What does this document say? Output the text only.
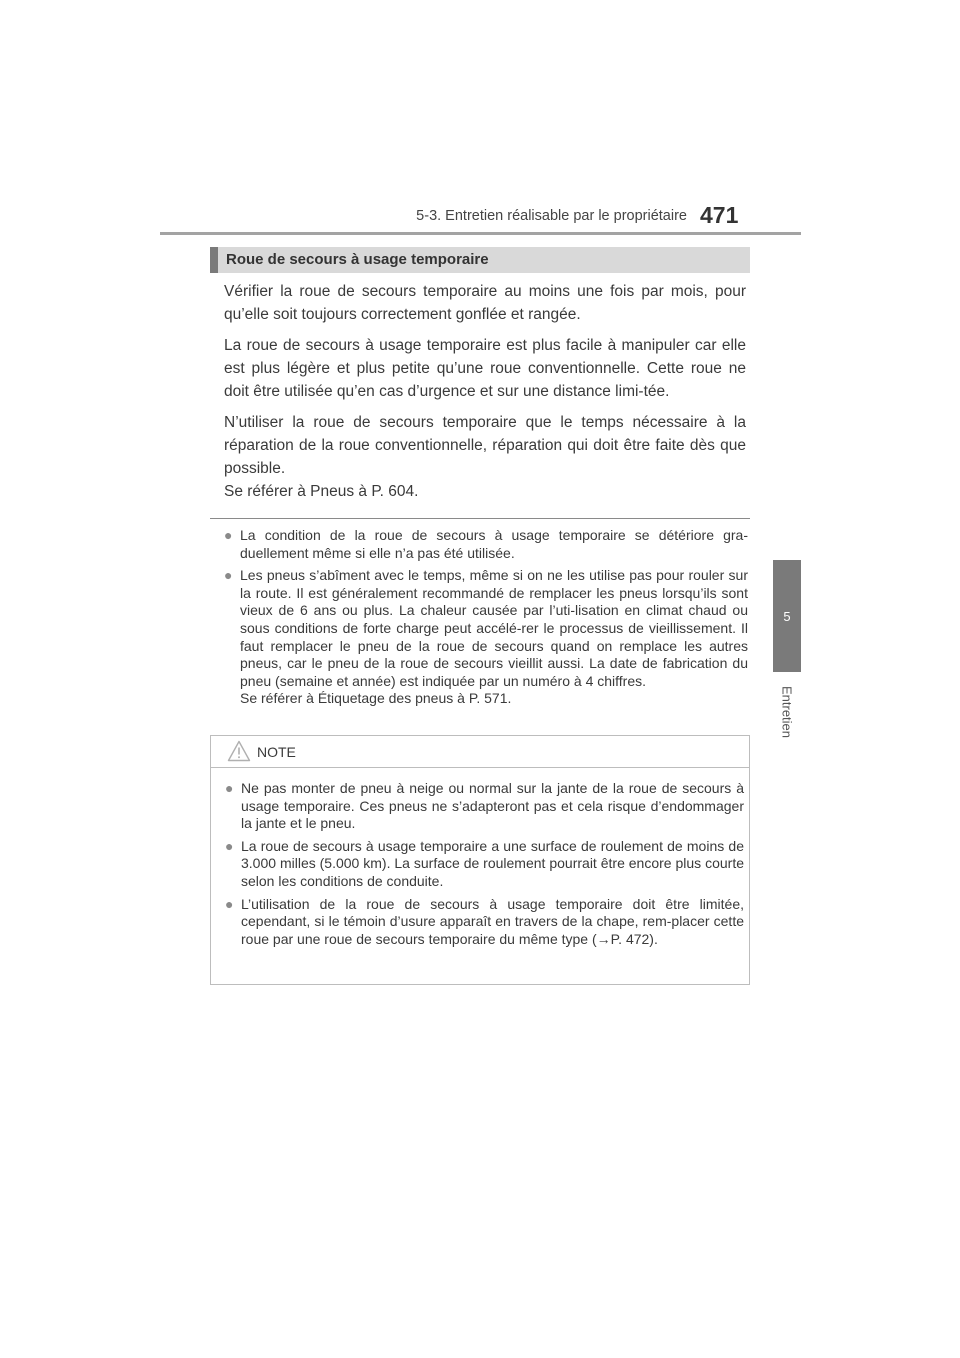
5-3. Entretien réalisable par le propriétaire 471
5
Entretien
Roue de secours à usage temporaire

Vérifier la roue de secours temporaire au moins une fois par mois, pour qu’elle soit toujours correctement gonflée et rangée.

La roue de secours à usage temporaire est plus facile à manipuler car elle est plus légère et plus petite qu’une roue conventionnelle. Cette roue ne doit être utilisée qu’en cas d’urgence et sur une distance limi-tée.

N’utiliser la roue de secours temporaire que le temps nécessaire à la réparation de la roue conventionnelle, réparation qui doit être faite dès que possible.

Se référer à Pneus à P. 604.

● La condition de la roue de secours à usage temporaire se détériore gra-duellement même si elle n’a pas été utilisée.
● Les pneus s’abîment avec le temps, même si on ne les utilise pas pour rouler sur la route. Il est généralement recommandé de remplacer les pneus lorsqu’ils sont vieux de 6 ans ou plus. La chaleur causée par l’uti-lisation en climat chaud ou sous conditions de forte charge peut accélé-rer le processus de vieillissement. Il faut remplacer le pneu de la roue de secours quand on remplace les autres pneus, car le pneu de la roue de secours vieillit aussi. La date de fabrication du pneu (semaine et année) est indiquée par un numéro à 4 chiffres.
Se référer à Étiquetage des pneus à P. 571.
NOTE
● Ne pas monter de pneu à neige ou normal sur la jante de la roue de secours à usage temporaire. Ces pneus ne s’adapteront pas et cela risque d’endommager la jante et le pneu.
● La roue de secours à usage temporaire a une surface de roulement de moins de 3.000 milles (5.000 km). La surface de roulement pourrait être encore plus courte selon les conditions de conduite.
● L’utilisation de la roue de secours à usage temporaire doit être limitée, cependant, si le témoin d’usure apparaît en travers de la chape, rem-placer cette roue par une roue de secours temporaire du même type (→P. 472).
